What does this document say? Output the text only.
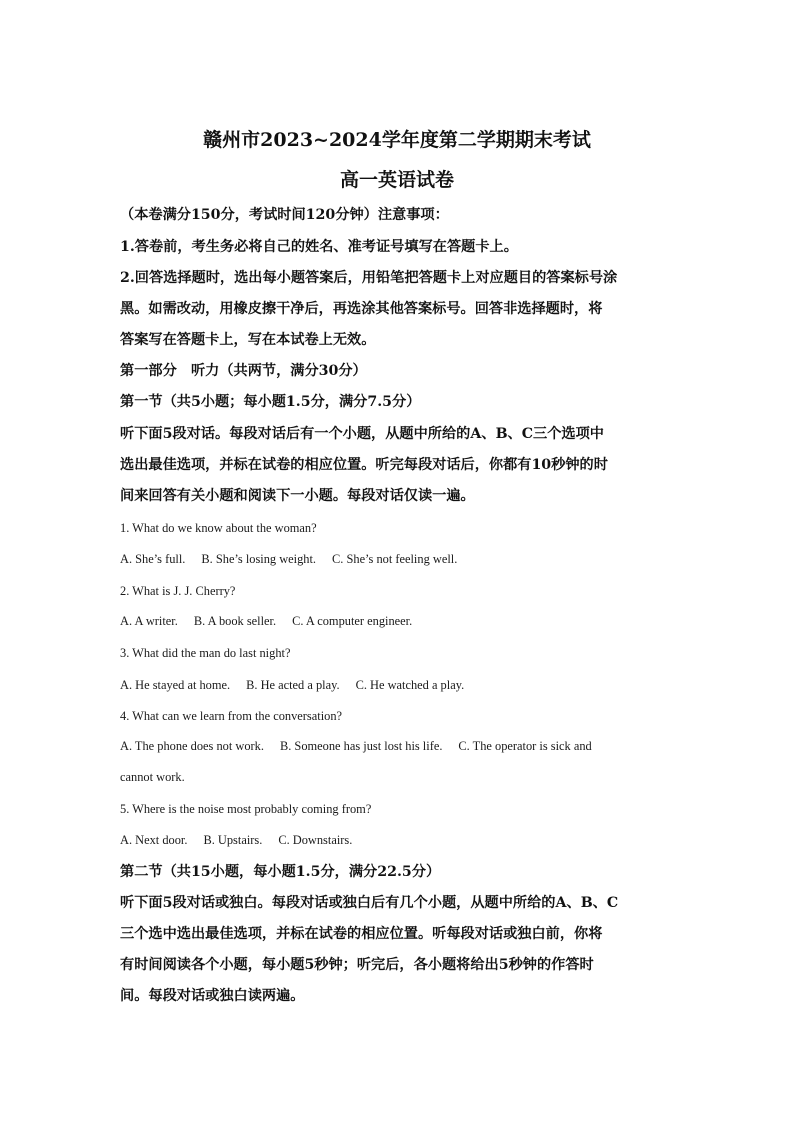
赣州市2023~2024学年度第二学期期末考试
高一英语试卷
（本卷满分150分，考试时间120分钟）注意事项：
1.答卷前，考生务必将自己的姓名、准考证号填写在答题卡上。
2.回答选择题时，选出每小题答案后，用铅笔把答题卡上对应题目的答案标号涂
黑。如需改动，用橡皮擦干净后，再选涂其他答案标号。回答非选择题时，将
答案写在答题卡上，写在本试卷上无效。
第一部分　听力（共两节，满分30分）
第一节（共5小题；每小题1.5分，满分7.5分）
听下面5段对话。每段对话后有一个小题，从题中所给的A、B、C三个选项中
选出最佳选项，并标在试卷的相应位置。听完每段对话后，你都有10秒钟的时
间来回答有关小题和阅读下一小题。每段对话仅读一遍。
1. What do we know about the woman?
A. She’s full. B. She’s losing weight. C. She’s not feeling well.
2. What is J. J. Cherry?
A. A writer. B. A book seller. C. A computer engineer.
3. What did the man do last night?
A. He stayed at home. B. He acted a play. C. He watched a play.
4. What can we learn from the conversation?
A. The phone does not work. B. Someone has just lost his life. C. The operator is sick and
cannot work.
5. Where is the noise most probably coming from?
A. Next door. B. Upstairs. C. Downstairs.
第二节（共15小题，每小题1.5分，满分22.5分）
听下面5段对话或独白。每段对话或独白后有几个小题，从题中所给的A、B、C
三个选中选出最佳选项，并标在试卷的相应位置。听每段对话或独白前，你将
有时间阅读各个小题，每小题5秒钟；听完后，各小题将给出5秒钟的作答时
间。每段对话或独白读两遍。
